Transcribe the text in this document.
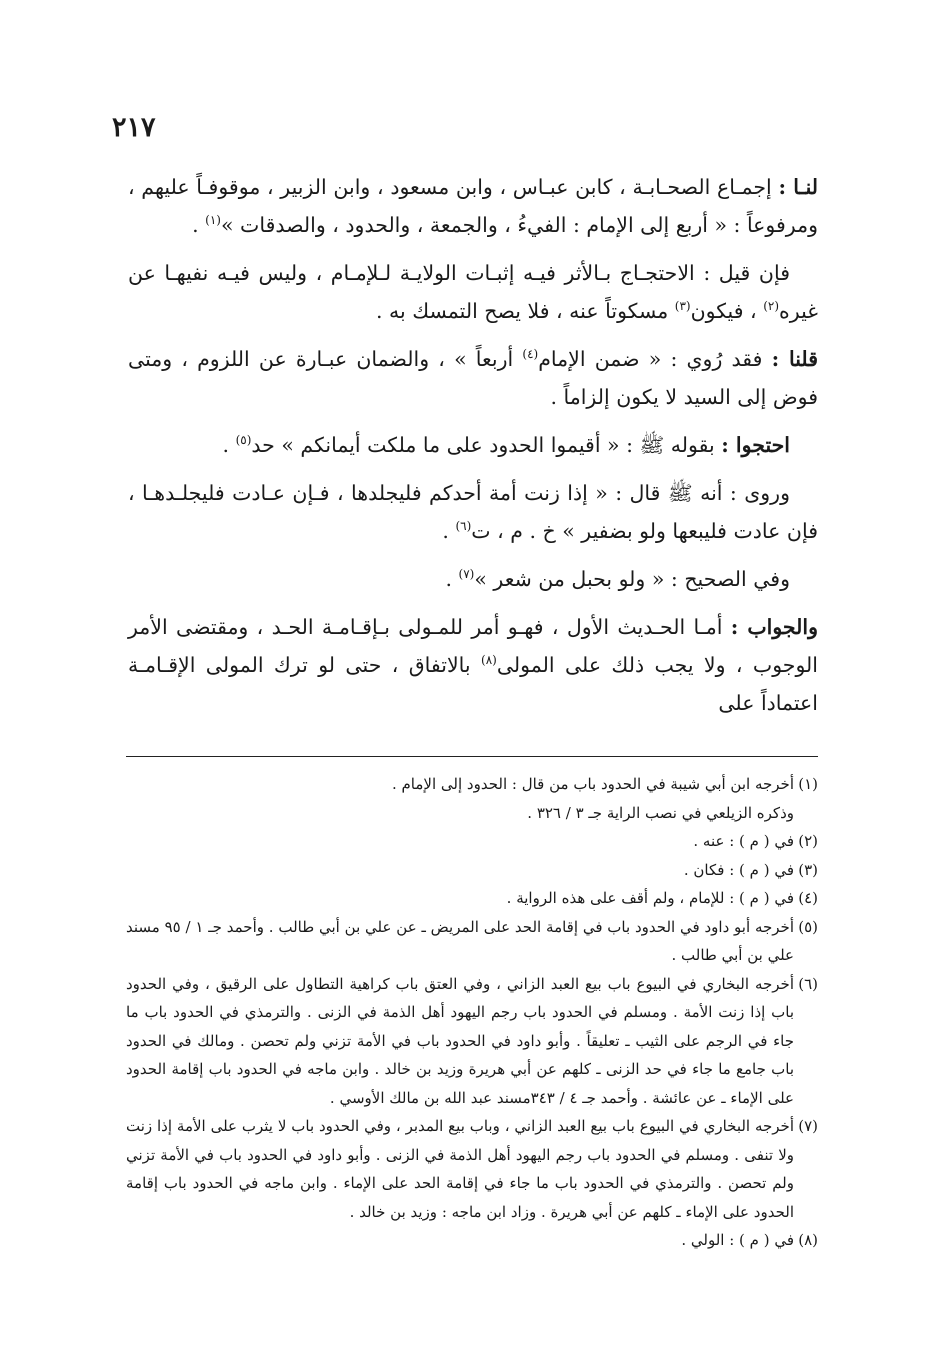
٢١٧

لنـا : إجمـاع الصحـابـة ، كابن عبـاس ، وابن مسعود ، وابن الزبير ، موقوفـاً عليهم ، ومرفوعاً : « أربع إلى الإمام : الفيءُ ، والجمعة ، والحدود ، والصدقات »$^{(١)}$ .

فإن قيل : الاحتجـاج بـالأثر فيـه إثبـات الولايـة لـلإمـام ، وليس فيـه نفيهـا عن غيره$^{(٢)}$ ، فيكون$^{(٣)}$ مسكوتاً عنه ، فلا يصح التمسك به .

قلنا : فقد رُوي : « ضمن الإمام$^{(٤)}$ أربعاً » ، والضمان عبـارة عن اللزوم ، ومتى فوض إلى السيد لا يكون إلزاماً .

احتجوا : بقوله ﷺ : « أقيموا الحدود على ما ملكت أيمانكم » حد$^{(٥)}$ .

وروى : أنه ﷺ قال : « إذا زنت أمة أحدكم فليجلدها ، فـإن عـادت فليجلـدهـا ، فإن عادت فليبعها ولو بضفير » خ . م ، ت$^{(٦)}$ .

وفي الصحيح : « ولو بحبل من شعر »$^{(٧)}$ .

والجواب : أمـا الحـديث الأول ، فهـو أمر للمـولى بـإقـامـة الحـد ، ومقتضى الأمر الوجوب ، ولا يجب ذلك على المولى$^{(٨)}$ بالاتفاق ، حتى لو ترك المولى الإقـامـة اعتماداً على

(١)أخرجه ابن أبي شيبة في الحدود باب من قال : الحدود إلى الإمام .

وذكره الزيلعي في نصب الراية جـ ٣ / ٣٢٦ .

(٢)في ( م ) : عنه .

(٣)في ( م ) : فكان .

(٤)في ( م ) : للإمام ، ولم أقف على هذه الرواية .

(٥)أخرجه أبو داود في الحدود باب في إقامة الحد على المريض ـ عن علي بن أبي طالب . وأحمد جـ ١ / ٩٥ مسند علي بن أبي طالب .

(٦)أخرجه البخاري في البيوع باب بيع العبد الزاني ، وفي العتق باب كراهية التطاول على الرقيق ، وفي الحدود باب إذا زنت الأمة . ومسلم في الحدود باب رجم اليهود أهل الذمة في الزنى . والترمذي في الحدود باب ما جاء في الرجم على الثيب ـ تعليقاً . وأبو داود في الحدود باب في الأمة تزني ولم تحصن . ومالك في الحدود باب جامع ما جاء في حد الزنى ـ كلهم عن أبي هريرة وزيد بن خالد . وابن ماجه في الحدود باب إقامة الحدود على الإماء ـ عن عائشة . وأحمد جـ ٤ / ٣٤٣مسند عبد الله بن مالك الأوسي .

(٧)أخرجه البخاري في البيوع باب بيع العبد الزاني ، وباب بيع المدبر ، وفي الحدود باب لا يثرب على الأمة إذا زنت ولا تنفى . ومسلم في الحدود باب رجم اليهود أهل الذمة في الزنى . وأبو داود في الحدود باب في الأمة تزني ولم تحصن . والترمذي في الحدود باب ما جاء في إقامة الحد على الإماء . وابن ماجه في الحدود باب إقامة الحدود على الإماء ـ كلهم عن أبي هريرة . وزاد ابن ماجه : وزيد بن خالد .

(٨)في ( م ) : الولي .
